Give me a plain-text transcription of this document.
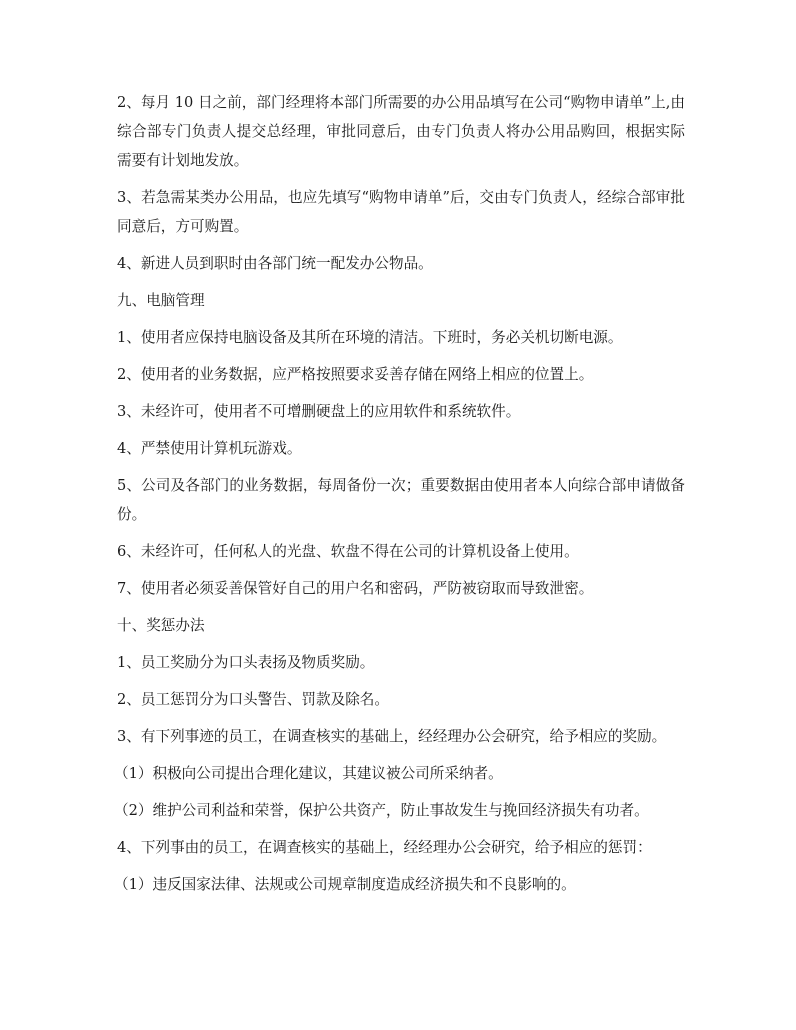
2、每月 10 日之前，部门经理将本部门所需要的办公用品填写在公司“购物申请单”上,由综合部专门负责人提交总经理，审批同意后，由专门负责人将办公用品购回，根据实际需要有计划地发放。

3、若急需某类办公用品，也应先填写“购物申请单”后，交由专门负责人，经综合部审批同意后，方可购置。

4、新进人员到职时由各部门统一配发办公物品。

九、电脑管理

1、使用者应保持电脑设备及其所在环境的清洁。下班时，务必关机切断电源。

2、使用者的业务数据，应严格按照要求妥善存储在网络上相应的位置上。

3、未经许可，使用者不可增删硬盘上的应用软件和系统软件。

4、严禁使用计算机玩游戏。

5、公司及各部门的业务数据，每周备份一次；重要数据由使用者本人向综合部申请做备份。

6、未经许可，任何私人的光盘、软盘不得在公司的计算机设备上使用。

7、使用者必须妥善保管好自己的用户名和密码，严防被窃取而导致泄密。

十、奖惩办法

1、员工奖励分为口头表扬及物质奖励。

2、员工惩罚分为口头警告、罚款及除名。

3、有下列事迹的员工，在调查核实的基础上，经经理办公会研究，给予相应的奖励。

（1）积极向公司提出合理化建议，其建议被公司所采纳者。

（2）维护公司利益和荣誉，保护公共资产，防止事故发生与挽回经济损失有功者。

4、下列事由的员工，在调查核实的基础上，经经理办公会研究，给予相应的惩罚：

（1）违反国家法律、法规或公司规章制度造成经济损失和不良影响的。
